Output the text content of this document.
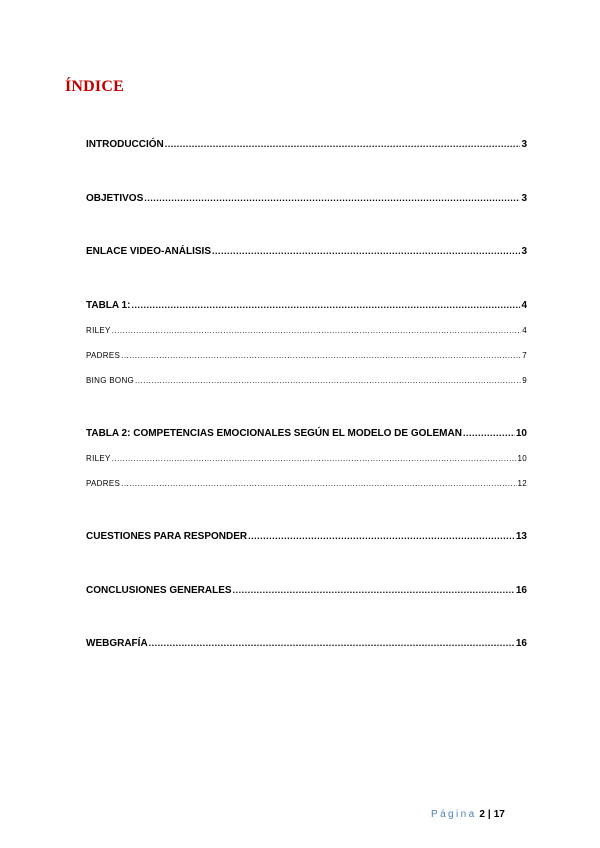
ÍNDICE
INTRODUCCIÓN .....	3
OBJETIVOS .....	3
ENLACE VIDEO-ANÁLISIS .....	3
TABLA 1: .....	4
RILEY .....	4
PADRES .....	7
BING BONG .....	9
TABLA 2: COMPETENCIAS EMOCIONALES SEGÚN EL MODELO DE GOLEMAN .....	10
RILEY .....	10
PADRES .....	12
CUESTIONES PARA RESPONDER .....	13
CONCLUSIONES GENERALES .....	16
WEBGRAFÍA .....	16
Página 2 | 17
